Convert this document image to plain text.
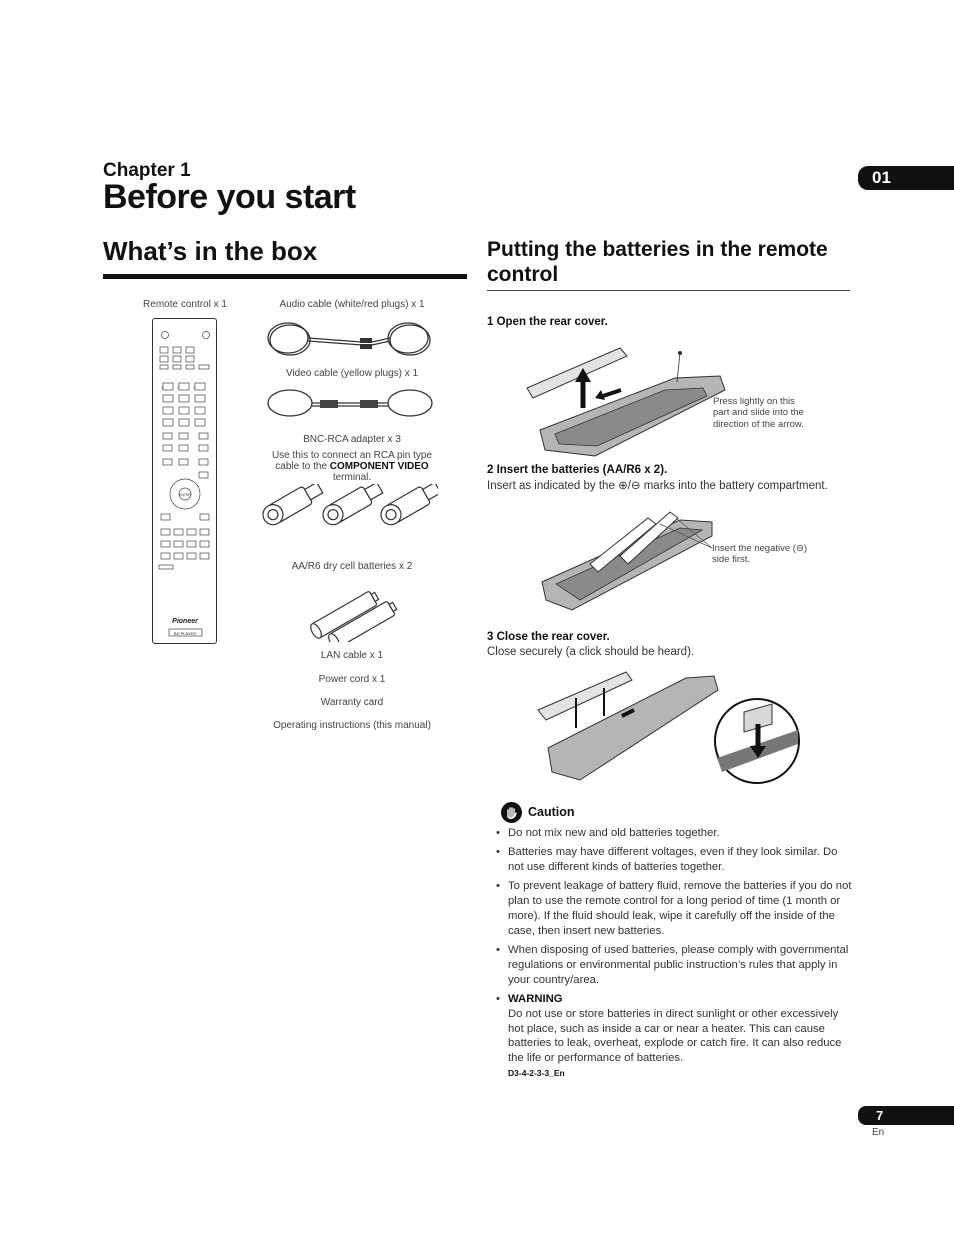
Chapter 1
Before you start
01
What’s in the box
Remote control x 1
1	2	3
ENTER
Pioneer
BD PLAYER
Audio cable (white/red plugs) x 1
Video cable (yellow plugs) x 1
BNC-RCA adapter x 3
Use this to connect an RCA pin type cable to the COMPONENT VIDEO terminal.
AA/R6 dry cell batteries x 2
LAN cable x 1
Power cord x 1
Warranty card
Operating instructions (this manual)
Putting the batteries in the remote control
1 Open the rear cover.
Press lightly on this part and slide into the direction of the arrow.
2 Insert the batteries (AA/R6 x 2).
Insert as indicated by the ⊕/⊖ marks into the battery compartment.
Insert the negative (⊖) side first.
3 Close the rear cover.
Close securely (a click should be heard).
Caution
• Do not mix new and old batteries together.
• Batteries may have different voltages, even if they look similar. Do not use different kinds of batteries together.
• To prevent leakage of battery fluid, remove the batteries if you do not plan to use the remote control for a long period of time (1 month or more). If the fluid should leak, wipe it carefully off the inside of the case, then insert new batteries.
• When disposing of used batteries, please comply with governmental regulations or environmental public instruction’s rules that apply in your country/area.
• WARNING
Do not use or store batteries in direct sunlight or other excessively hot place, such as inside a car or near a heater. This can cause batteries to leak, overheat, explode or catch fire. It can also reduce the life or performance of batteries.
D3-4-2-3-3_En
7
En
